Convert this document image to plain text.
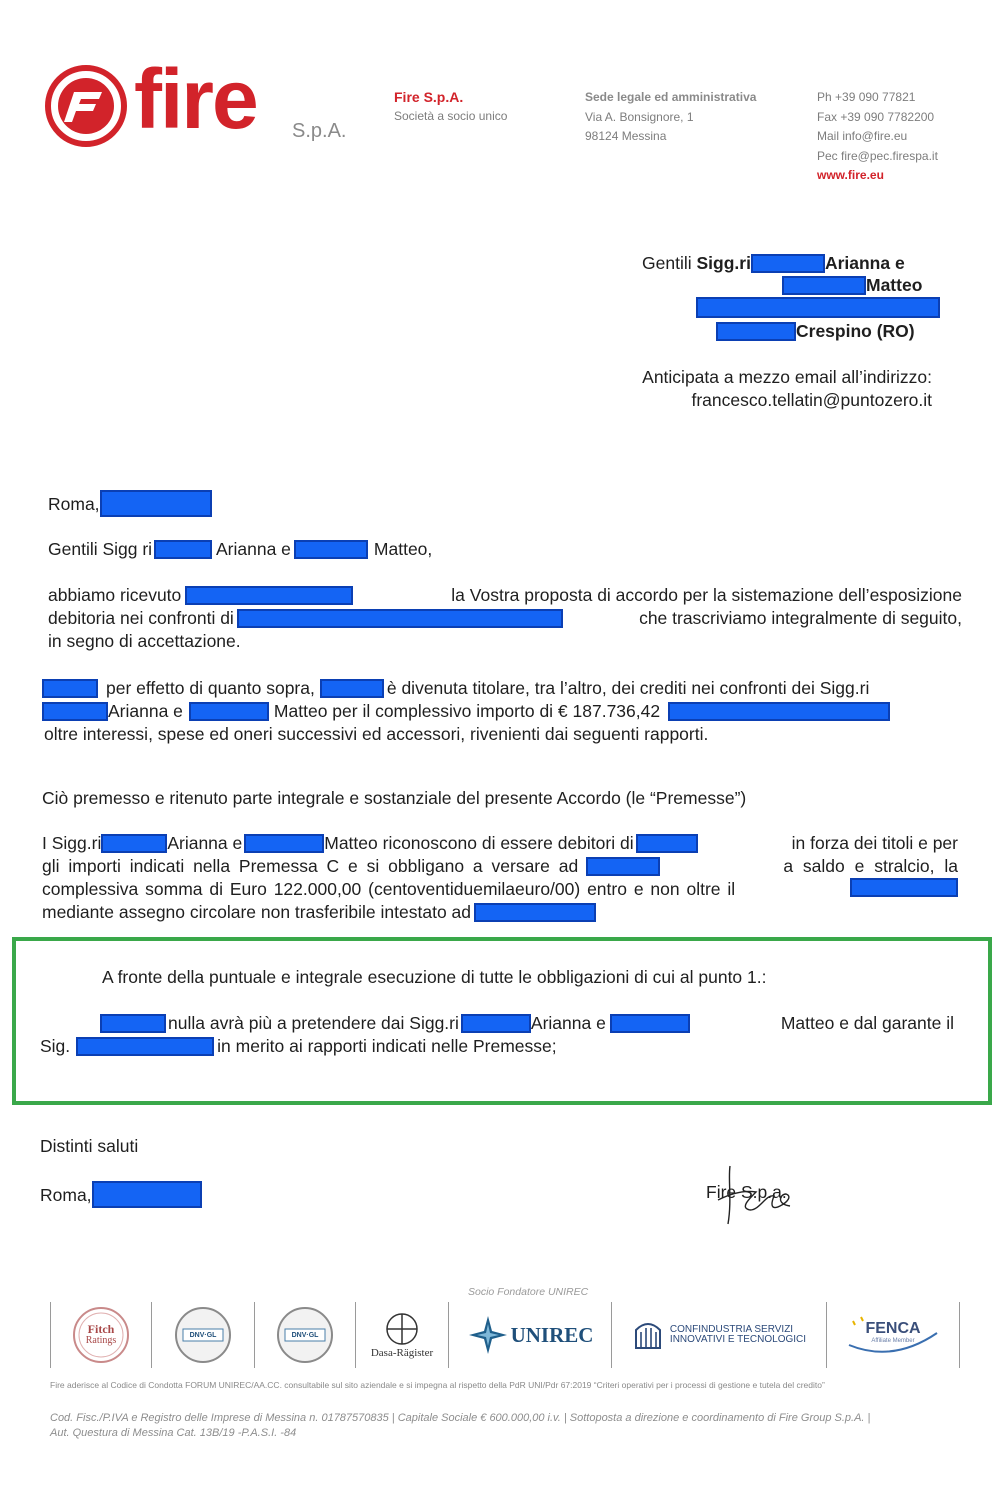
fire S.p.A.
Fire S.p.A.
Società a socio unico
Sede legale ed amministrativa
Via A. Bonsignore, 1
98124 Messina
Ph +39 090 77821
Fax +39 090 7782200
Mail info@fire.eu
Pec fire@pec.firespa.it
www.fire.eu
Gentili Sigg.ri	Arianna e
Matteo
Crespino (RO)
Anticipata a mezzo email all’indirizzo:
francesco.tellatin@puntozero.it
Roma,
Gentili Sigg ri	Arianna e	Matteo,
abbiamo ricevuto	la Vostra proposta di accordo per la sistemazione dell’esposizione
debitoria nei confronti di	che trascriviamo integralmente di seguito,
in segno di accettazione.
per effetto di quanto sopra,	è divenuta titolare, tra l’altro, dei crediti nei confronti dei Sigg.ri
Arianna e	Matteo per il complessivo importo di € 187.736,42
oltre interessi, spese ed oneri successivi ed accessori, rivenienti dai seguenti rapporti.
Ciò premesso e ritenuto parte integrale e sostanziale del presente Accordo (le “Premesse”)
I Sigg.ri	Arianna e	Matteo riconoscono di essere debitori di	in forza dei titoli e per
gli importi indicati nella Premessa C e si obbligano a versare ad	a saldo e stralcio, la
complessiva somma di Euro 122.000,00 (centoventiduemilaeuro/00) entro e non oltre il
mediante assegno circolare non trasferibile intestato ad
A fronte della puntuale e integrale esecuzione di tutte le obbligazioni di cui al punto 1.:
nulla avrà più a pretendere dai Sigg.ri	Arianna e	Matteo e dal garante il
Sig.	in merito ai rapporti indicati nelle Premesse;
Distinti saluti
Roma,	Fire S.p.a.
Socio Fondatore UNIREC
Fitch
Ratings	DNV·GL	DNV·GL
Dasa-Rägister
UNIREC	CONFINDUSTRIA SERVIZI
INNOVATIVI E TECNOLOGICI
FENCA
Affiliate Member
Fire aderisce al Codice di Condotta FORUM UNIREC/AA.CC. consultabile sul sito aziendale e si impegna al rispetto della PdR UNI/Pdr 67:2019 “Criteri operativi per i processi di gestione e tutela del credito”
Cod. Fisc./P.IVA e Registro delle Imprese di Messina n. 01787570835 | Capitale Sociale € 600.000,00 i.v. | Sottoposta a direzione e coordinamento di Fire Group S.p.A. |
Aut. Questura di Messina Cat. 13B/19 -P.A.S.I. -84
